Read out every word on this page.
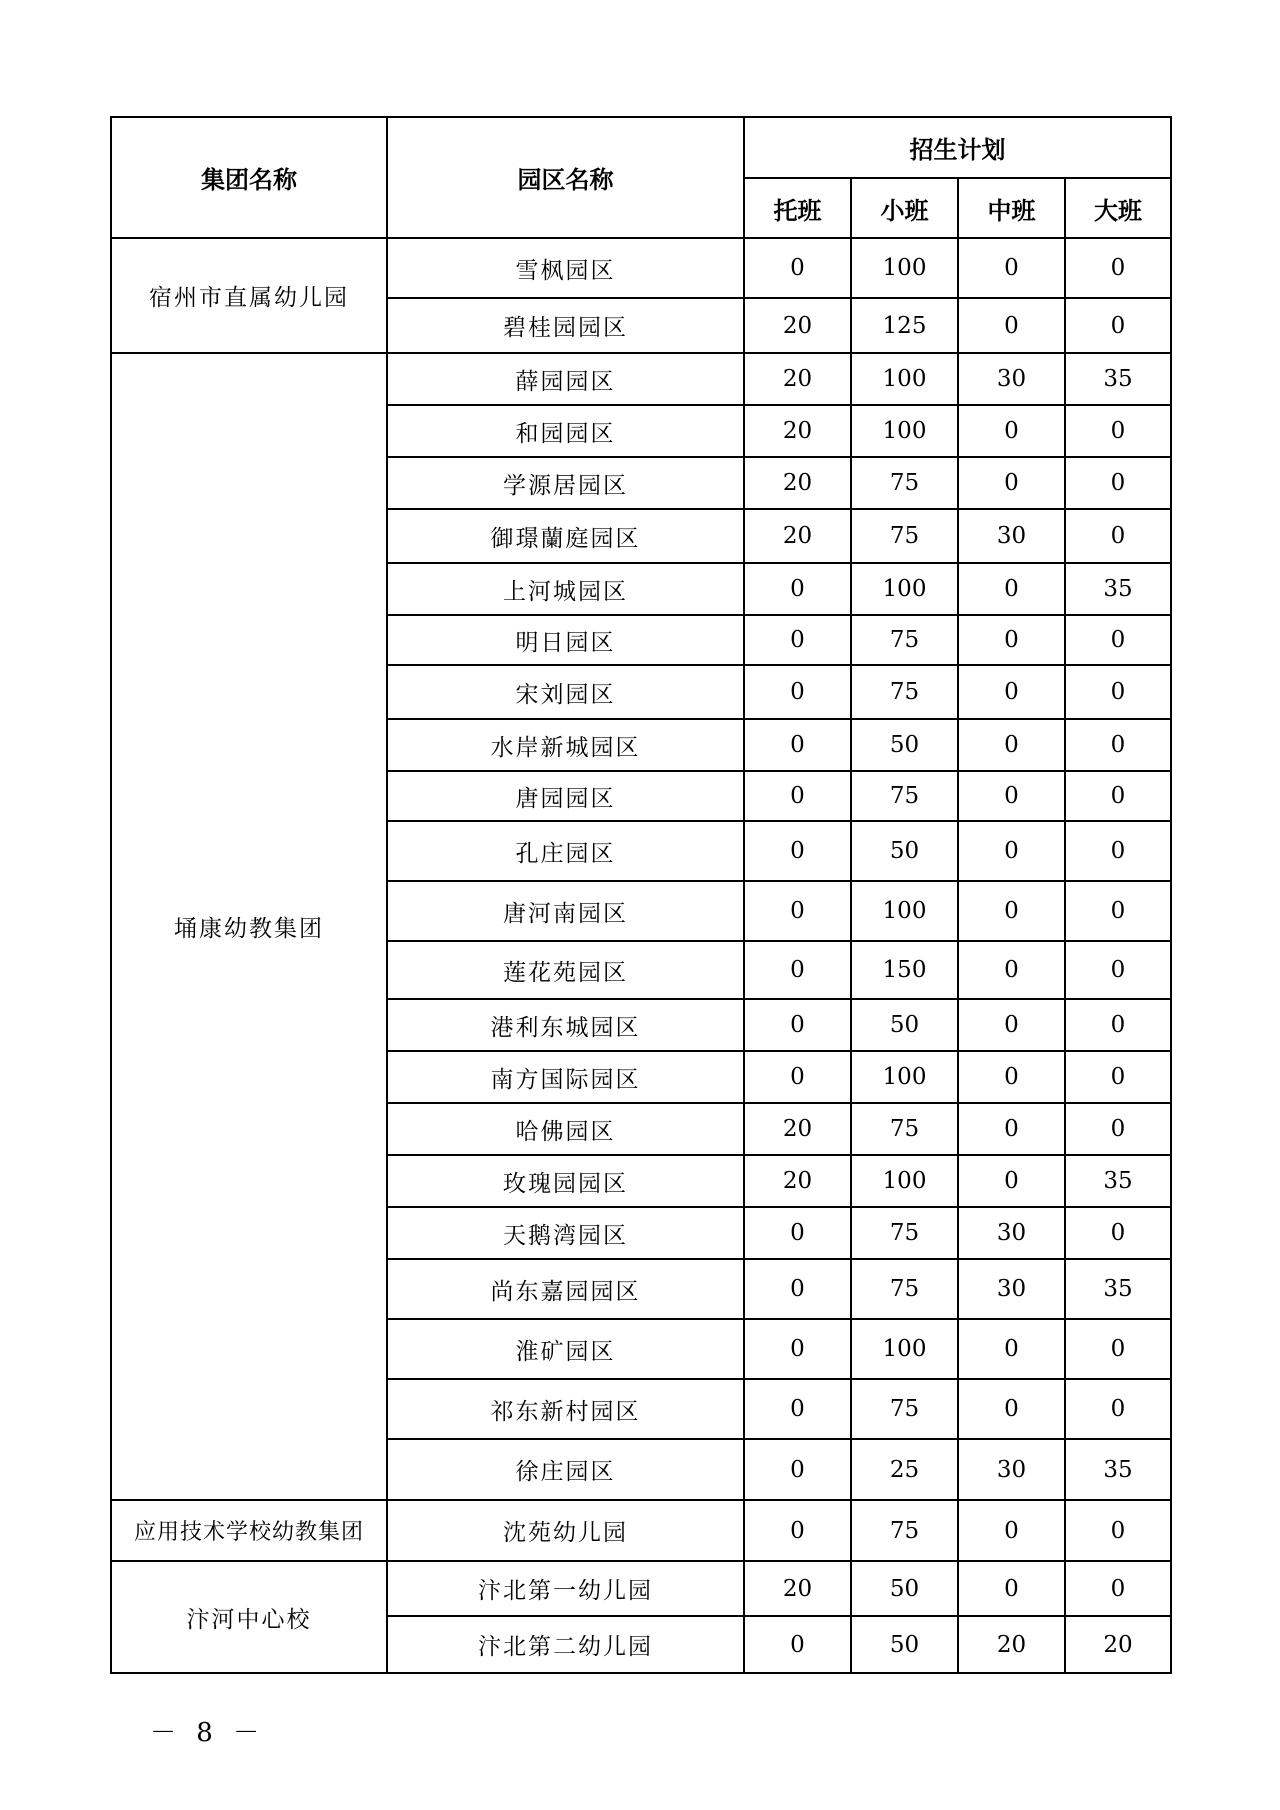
集团名称	园区名称	招生计划			
		托班	小班	中班	大班
宿州市直属幼儿园	雪枫园区	0	100	0	0
	碧桂园园区	20	125	0	0
埇康幼教集团	薛园园区	20	100	30	35
	和园园区	20	100	0	0
	学源居园区	20	75	0	0
	御璟蘭庭园区	20	75	30	0
	上河城园区	0	100	0	35
	明日园区	0	75	0	0
	宋刘园区	0	75	0	0
	水岸新城园区	0	50	0	0
	唐园园区	0	75	0	0
	孔庄园区	0	50	0	0
	唐河南园区	0	100	0	0
	莲花苑园区	0	150	0	0
	港利东城园区	0	50	0	0
	南方国际园区	0	100	0	0
	哈佛园区	20	75	0	0
	玫瑰园园区	20	100	0	35
	天鹅湾园区	0	75	30	0
	尚东嘉园园区	0	75	30	35
	淮矿园区	0	100	0	0
	祁东新村园区	0	75	0	0
	徐庄园区	0	25	30	35
应用技术学校幼教集团	沈苑幼儿园	0	75	0	0
汴河中心校	汴北第一幼儿园	20	50	0	0
	汴北第二幼儿园	0	50	20	20
－ 8 －
